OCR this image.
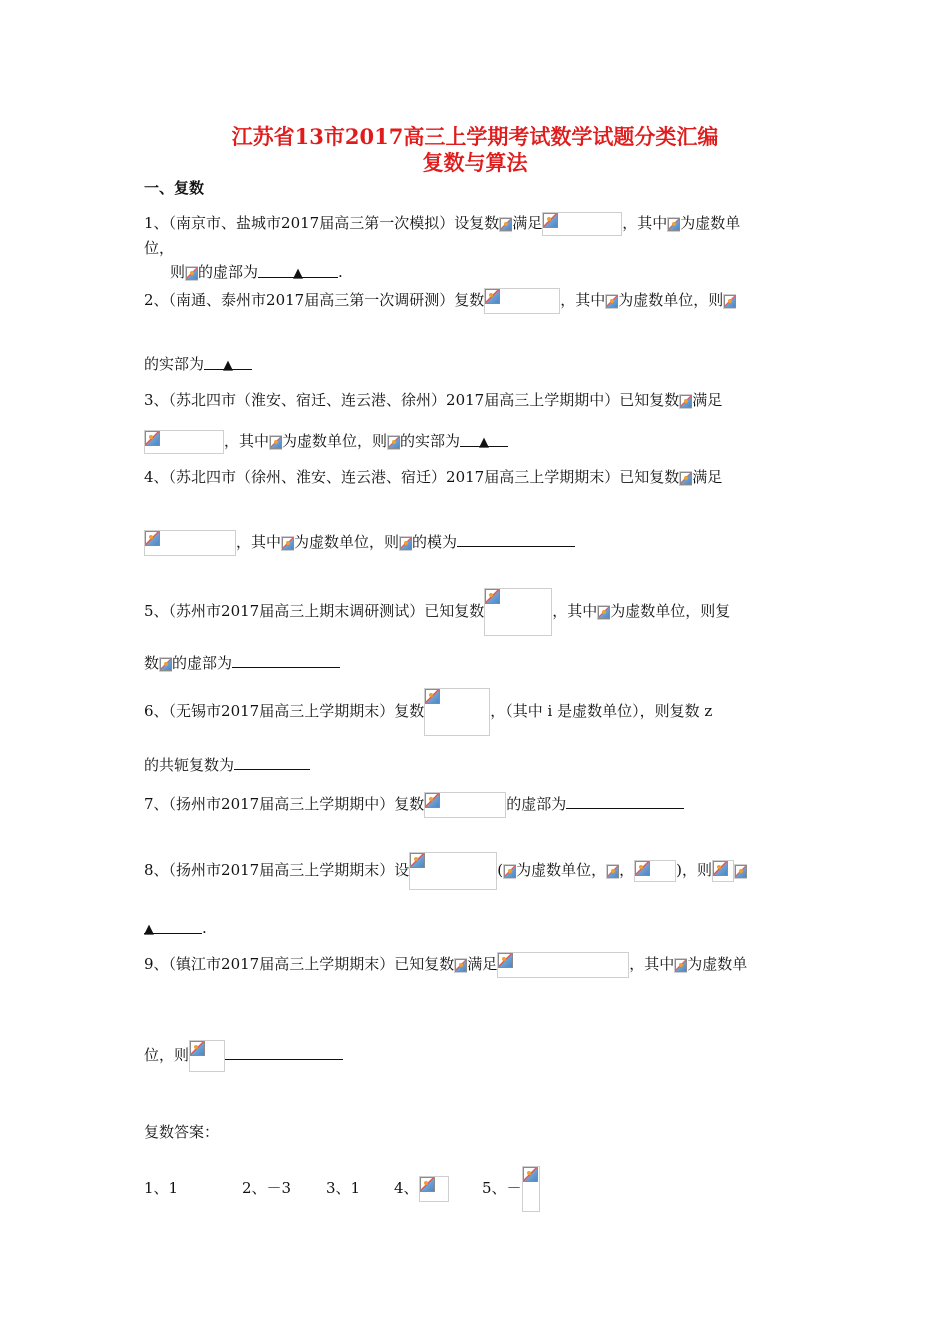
江苏省13市2017高三上学期考试数学试题分类汇编
复数与算法
一、复数
1、（南京市、盐城市2017届高三第一次模拟）设复数 满足	，其中 为虚数单
位，
则 的虚部为	▲ .
2、（南通、泰州市2017届高三第一次调研测）复数	，其中 为虚数单位，则
的实部为 ▲
3、（苏北四市（淮安、宿迁、连云港、徐州）2017届高三上学期期中）已知复数 满足
，其中 为虚数单位，则 的实部为 ▲
4、（苏北四市（徐州、淮安、连云港、宿迁）2017届高三上学期期末）已知复数 满足
，其中 为虚数单位，则 的模为
5、（苏州市2017届高三上期末调研测试）已知复数	，其中 为虚数单位，则复
数 的虚部为
6、（无锡市2017届高三上学期期末）复数	，（其中 i 是虚数单位），则复数 z
的共轭复数为
7、（扬州市2017届高三上学期期中）复数	的虚部为
8、（扬州市2017届高三上学期期末）设	( 为虚数单位， ，	)，则
▲	.
9、（镇江市2017届高三上学期期末）已知复数 满足	，其中 为虚数单
位，则
复数答案：
1、1	2、－3 3、1 4、	5、－
